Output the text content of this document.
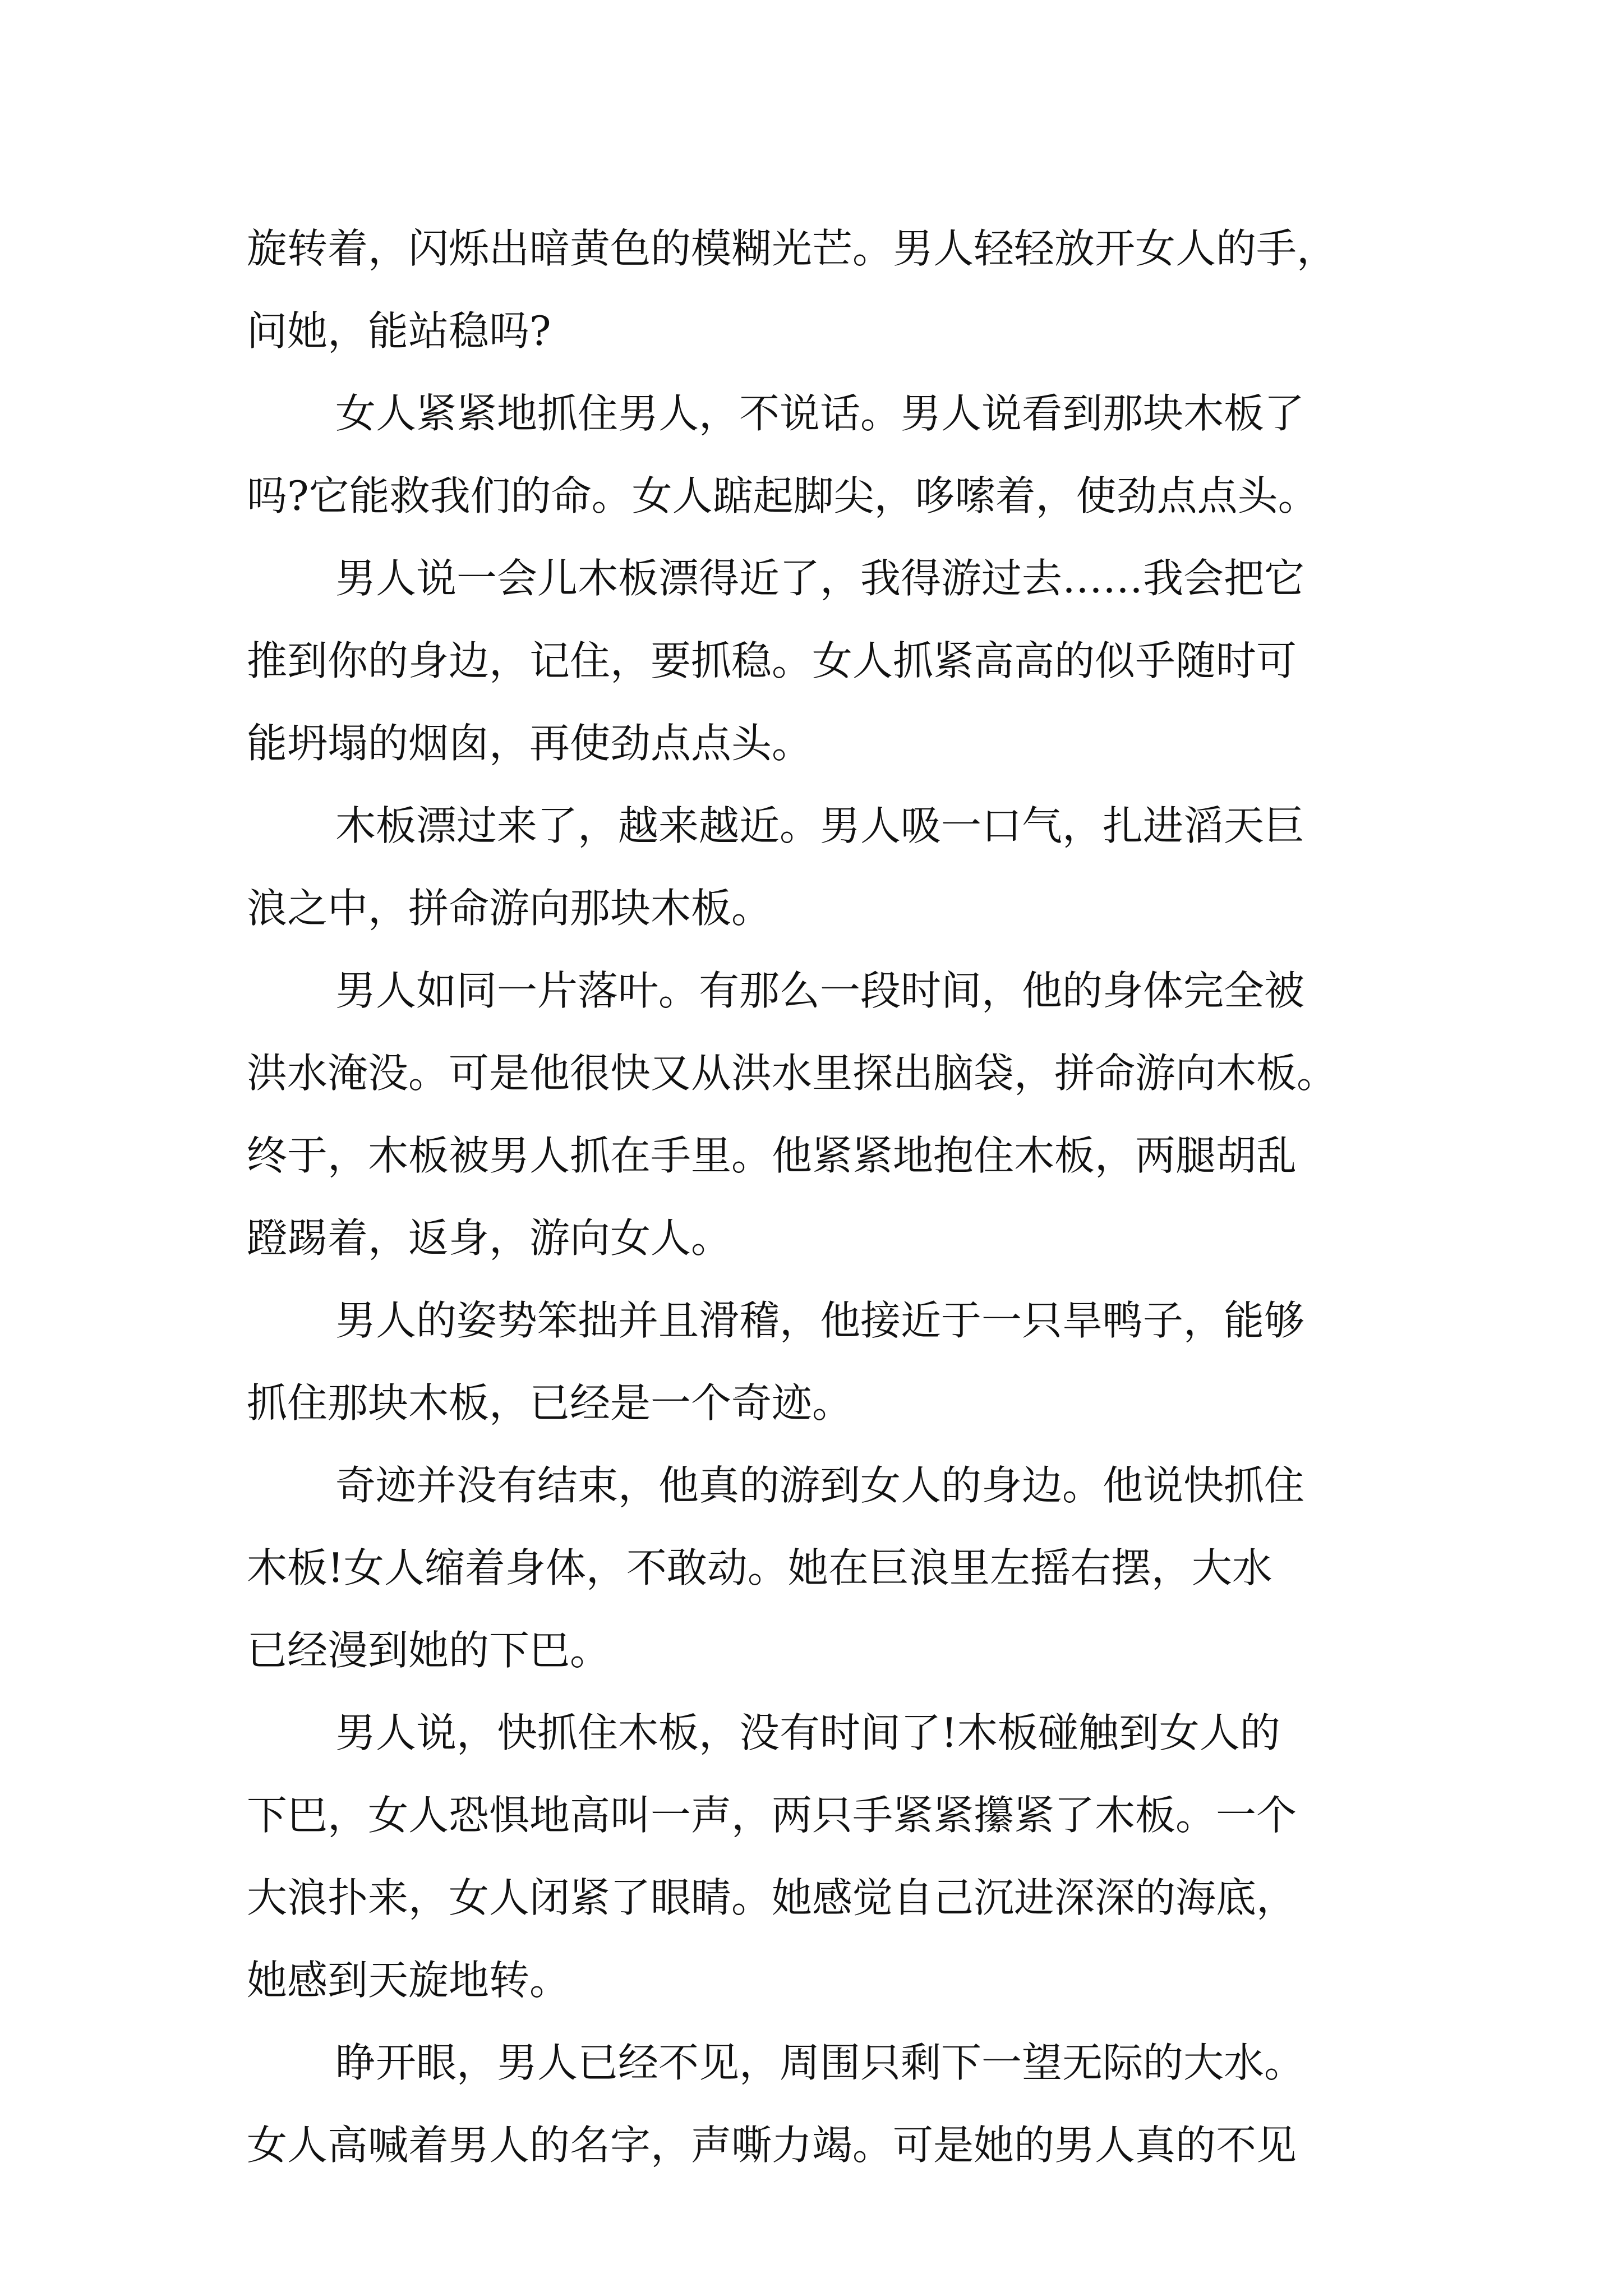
旋转着，闪烁出暗黄色的模糊光芒。男人轻轻放开女人的手，
问她，能站稳吗?
女人紧紧地抓住男人，不说话。男人说看到那块木板了
吗?它能救我们的命。女人踮起脚尖，哆嗦着，使劲点点头。
男人说一会儿木板漂得近了，我得游过去……我会把它
推到你的身边，记住，要抓稳。女人抓紧高高的似乎随时可
能坍塌的烟囱，再使劲点点头。
木板漂过来了，越来越近。男人吸一口气，扎进滔天巨
浪之中，拼命游向那块木板。
男人如同一片落叶。有那么一段时间，他的身体完全被
洪水淹没。可是他很快又从洪水里探出脑袋，拼命游向木板。
终于，木板被男人抓在手里。他紧紧地抱住木板，两腿胡乱
蹬踢着，返身，游向女人。
男人的姿势笨拙并且滑稽，他接近于一只旱鸭子，能够
抓住那块木板，已经是一个奇迹。
奇迹并没有结束，他真的游到女人的身边。他说快抓住
木板!女人缩着身体，不敢动。她在巨浪里左摇右摆，大水
已经漫到她的下巴。
男人说，快抓住木板，没有时间了!木板碰触到女人的
下巴，女人恐惧地高叫一声，两只手紧紧攥紧了木板。一个
大浪扑来，女人闭紧了眼睛。她感觉自己沉进深深的海底，
她感到天旋地转。
睁开眼，男人已经不见，周围只剩下一望无际的大水。
女人高喊着男人的名字，声嘶力竭。可是她的男人真的不见
